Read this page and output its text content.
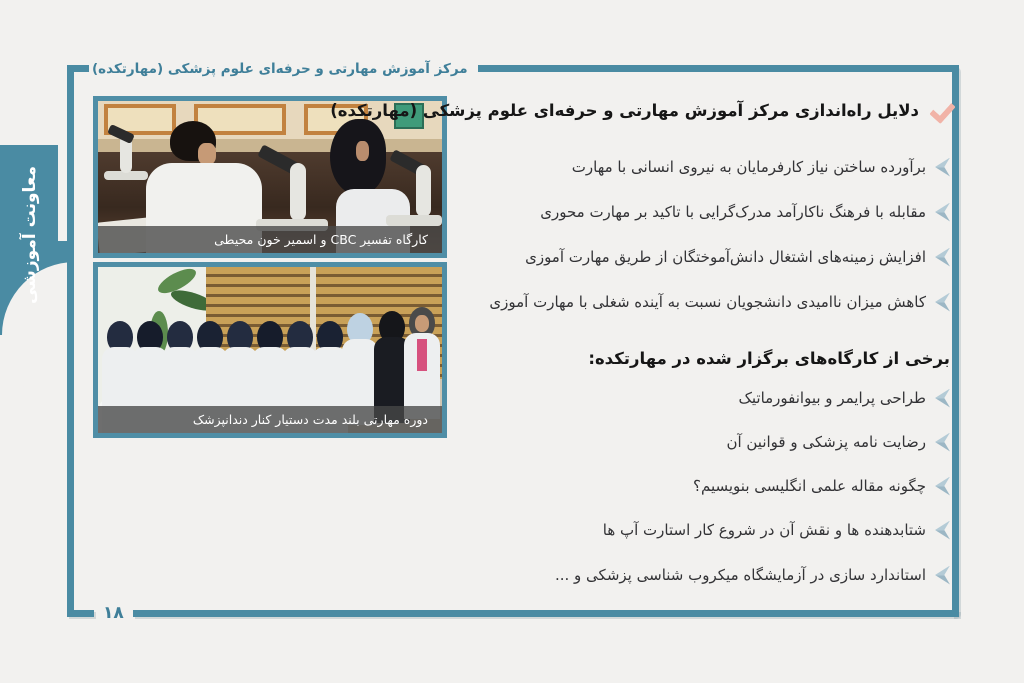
مرکز آموزش مهارتی و حرفه‌ای علوم پزشکی (مهارتکده)
۱۸
معاونت آموزشی	کارگاه تفسیر CBC و اسمیر خون محیطی
دوره مهارتی بلند مدت دستیار کنار دندانپزشک
دلایل راه‌اندازی مرکز آموزش مهارتی و حرفه‌ای علوم پزشکی (مهارتکده)
برآورده ساختن نیاز کارفرمایان به نیروی انسانی با مهارت
مقابله با فرهنگ ناکارآمد مدرک‌گرایی با تاکید بر مهارت محوری
افزایش زمینه‌های اشتغال دانش‌آموختگان از طریق مهارت آموزی
کاهش میزان ناامیدی دانشجویان نسبت به آینده شغلی با مهارت آموزی
برخی از کارگاه‌های برگزار شده در مهارتکده:
طراحی پرایمر و بیوانفورماتیک
رضایت نامه پزشکی و قوانین آن
چگونه مقاله علمی انگلیسی بنویسیم؟
شتابدهنده ها و نقش آن در شروع کار استارت آپ ها
استاندارد سازی در آزمایشگاه میکروب شناسی پزشکی و ...
